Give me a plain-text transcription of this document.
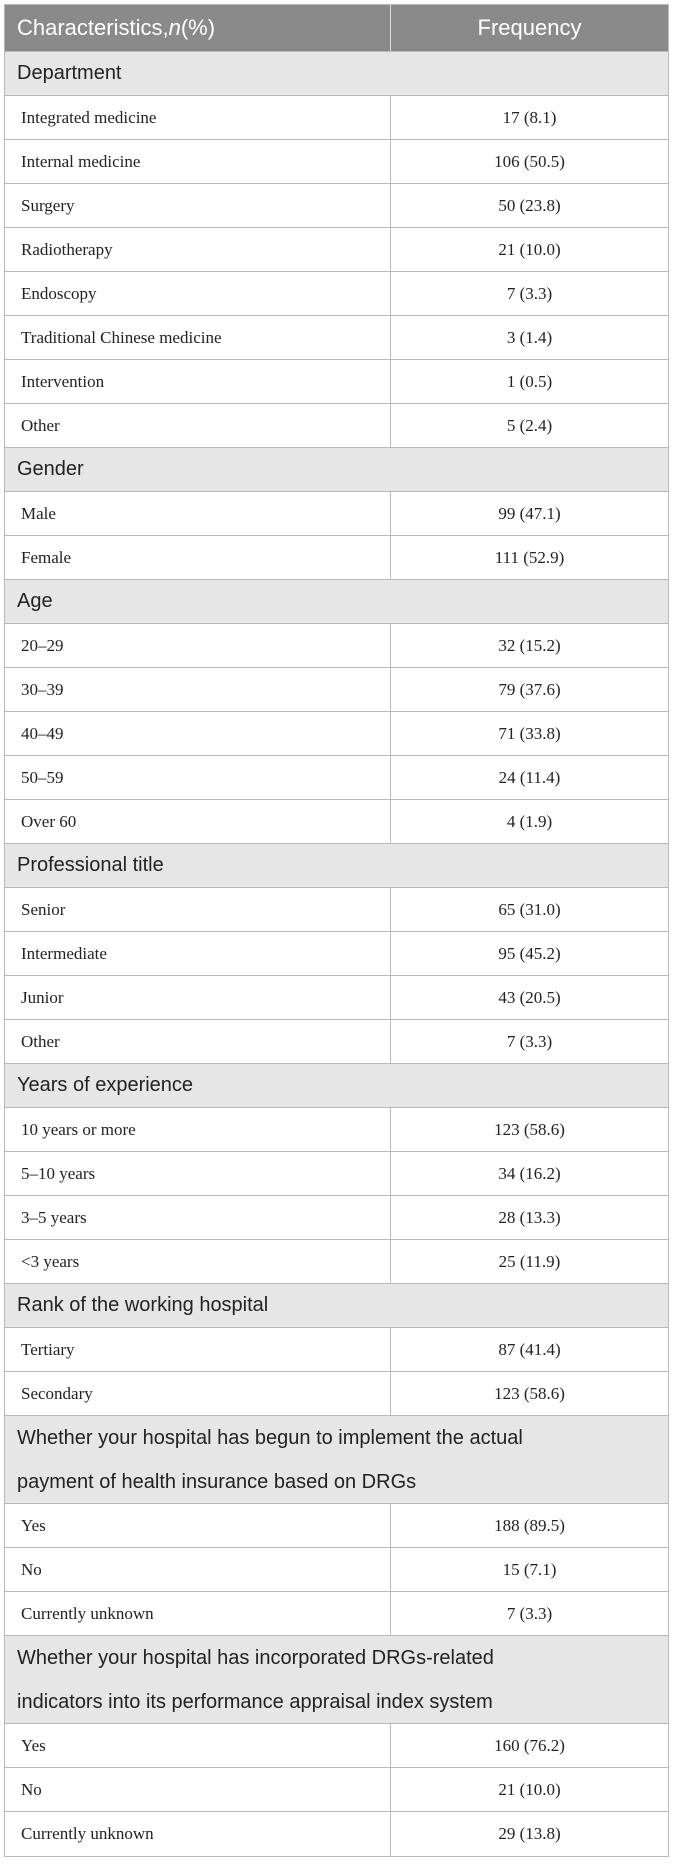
Characteristics, n (%)	Frequency
Department
Integrated medicine	17 (8.1)
Internal medicine	106 (50.5)
Surgery	50 (23.8)
Radiotherapy	21 (10.0)
Endoscopy	7 (3.3)
Traditional Chinese medicine	3 (1.4)
Intervention	1 (0.5)
Other	5 (2.4)
Gender
Male	99 (47.1)
Female	111 (52.9)
Age
20–29	32 (15.2)
30–39	79 (37.6)
40–49	71 (33.8)
50–59	24 (11.4)
Over 60	4 (1.9)
Professional title
Senior	65 (31.0)
Intermediate	95 (45.2)
Junior	43 (20.5)
Other	7 (3.3)
Years of experience
10 years or more	123 (58.6)
5–10 years	34 (16.2)
3–5 years	28 (13.3)
<3 years	25 (11.9)
Rank of the working hospital
Tertiary	87 (41.4)
Secondary	123 (58.6)
Whether your hospital has begun to implement the actual
payment of health insurance based on DRGs
Yes	188 (89.5)
No	15 (7.1)
Currently unknown	7 (3.3)
Whether your hospital has incorporated DRGs-related
indicators into its performance appraisal index system
Yes	160 (76.2)
No	21 (10.0)
Currently unknown	29 (13.8)
